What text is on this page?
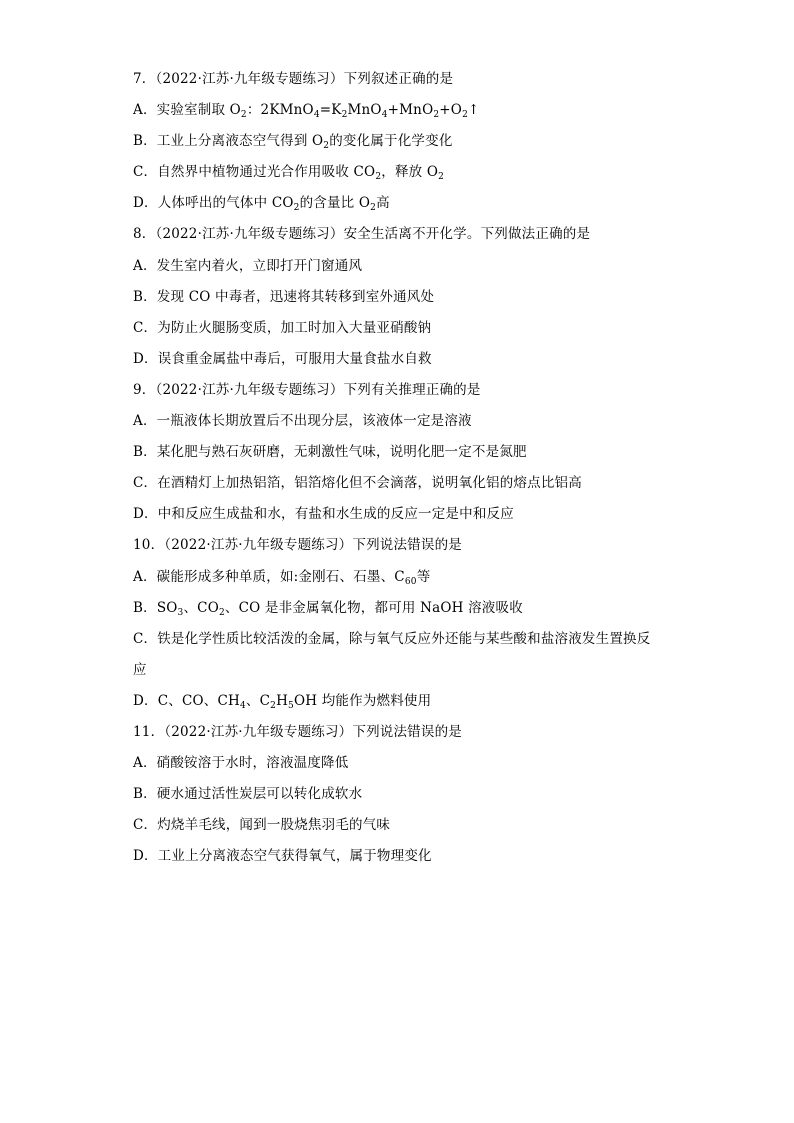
7．（2022·江苏·九年级专题练习）下列叙述正确的是
A．实验室制取 $O_2$：$2KMnO_4=K_2MnO_4+MnO_2+O_2↑$
B．工业上分离液态空气得到 $O_2$的变化属于化学变化
C．自然界中植物通过光合作用吸收 $CO_2$，释放 $O_2$
D．人体呼出的气体中 $CO_2$的含量比 $O_2$高
8．（2022·江苏·九年级专题练习）安全生活离不开化学。下列做法正确的是
A．发生室内着火，立即打开门窗通风
B．发现 CO 中毒者，迅速将其转移到室外通风处
C．为防止火腿肠变质，加工时加入大量亚硝酸钠
D．误食重金属盐中毒后，可服用大量食盐水自救
9．（2022·江苏·九年级专题练习）下列有关推理正确的是
A．一瓶液体长期放置后不出现分层，该液体一定是溶液
B．某化肥与熟石灰研磨，无刺激性气味，说明化肥一定不是氮肥
C．在酒精灯上加热铝箔，铝箔熔化但不会滴落，说明氧化铝的熔点比铝高
D．中和反应生成盐和水，有盐和水生成的反应一定是中和反应
10．（2022·江苏·九年级专题练习）下列说法错误的是
A．碳能形成多种单质，如:金刚石、石墨、$C_{60}$等
B．$SO_3$、$CO_2$、CO 是非金属氧化物，都可用 NaOH 溶液吸收
C．铁是化学性质比较活泼的金属，除与氧气反应外还能与某些酸和盐溶液发生置换反
应
D．C、CO、$CH_4$、$C_2H_5OH$ 均能作为燃料使用
11．（2022·江苏·九年级专题练习）下列说法错误的是
A．硝酸铵溶于水时，溶液温度降低
B．硬水通过活性炭层可以转化成软水
C．灼烧羊毛线，闻到一股烧焦羽毛的气味
D．工业上分离液态空气获得氧气，属于物理变化
